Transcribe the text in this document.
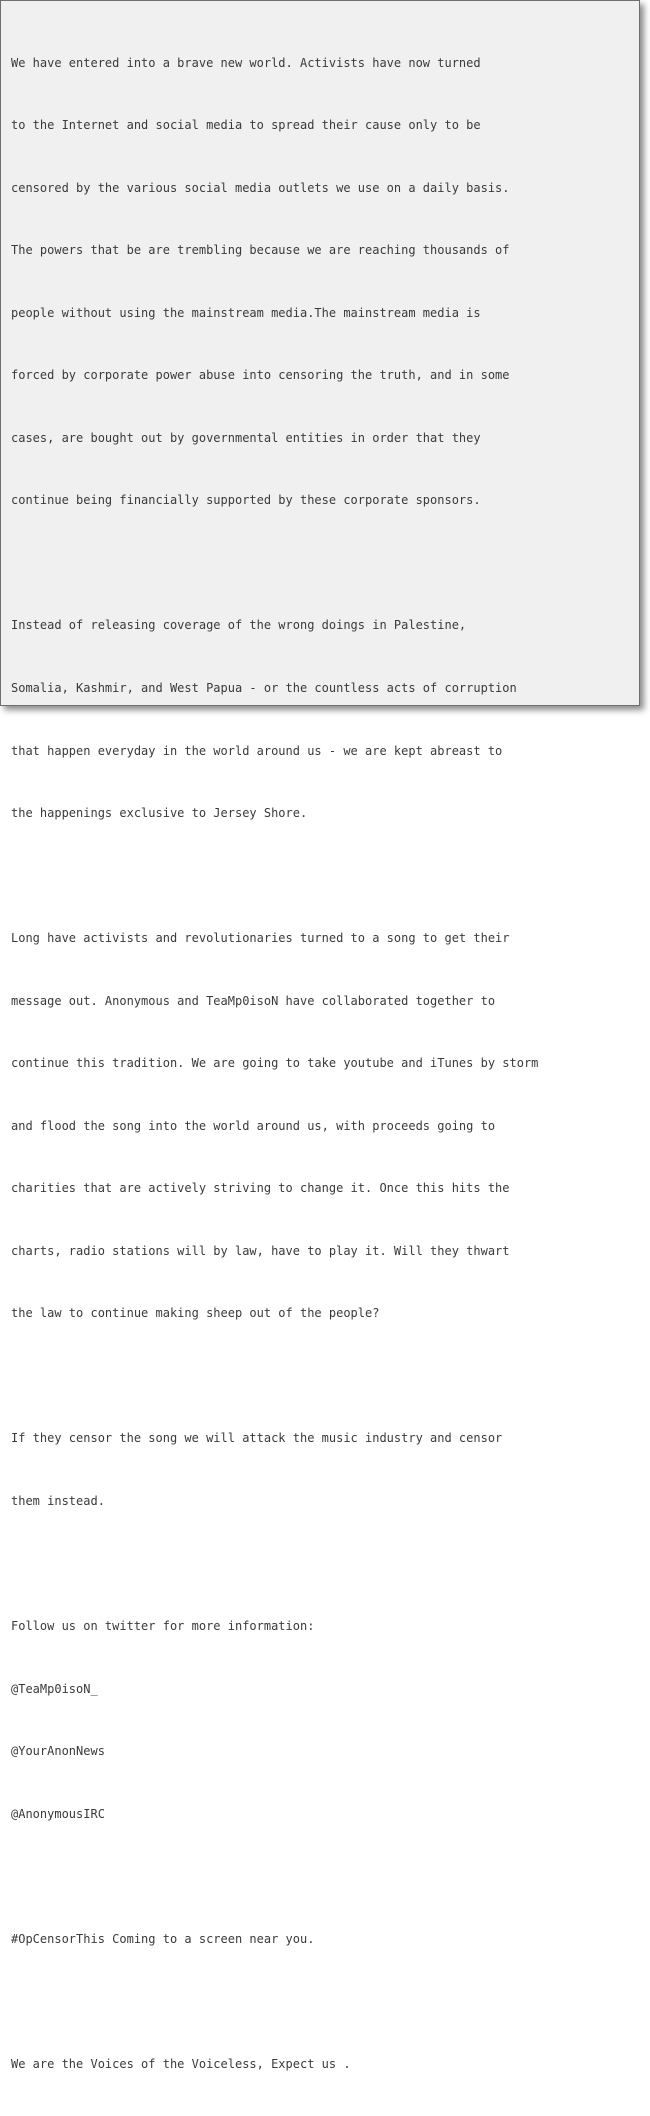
We have entered into a brave new world. Activists have now turned

to the Internet and social media to spread their cause only to be

censored by the various social media outlets we use on a daily basis.

The powers that be are trembling because we are reaching thousands of

people without using the mainstream media.The mainstream media is

forced by corporate power abuse into censoring the truth, and in some

cases, are bought out by governmental entities in order that they

continue being financially supported by these corporate sponsors.

Instead of releasing coverage of the wrong doings in Palestine,

Somalia, Kashmir, and West Papua - or the countless acts of corruption

that happen everyday in the world around us - we are kept abreast to

the happenings exclusive to Jersey Shore.

Long have activists and revolutionaries turned to a song to get their

message out. Anonymous and TeaMp0isoN have collaborated together to

continue this tradition. We are going to take youtube and iTunes by storm

and flood the song into the world around us, with proceeds going to

charities that are actively striving to change it. Once this hits the

charts, radio stations will by law, have to play it. Will they thwart

the law to continue making sheep out of the people?

If they censor the song we will attack the music industry and censor

them instead.

Follow us on twitter for more information:

@TeaMp0isoN_

@YourAnonNews

@AnonymousIRC

#OpCensorThis Coming to a screen near you.

We are the Voices of the Voiceless, Expect us .
